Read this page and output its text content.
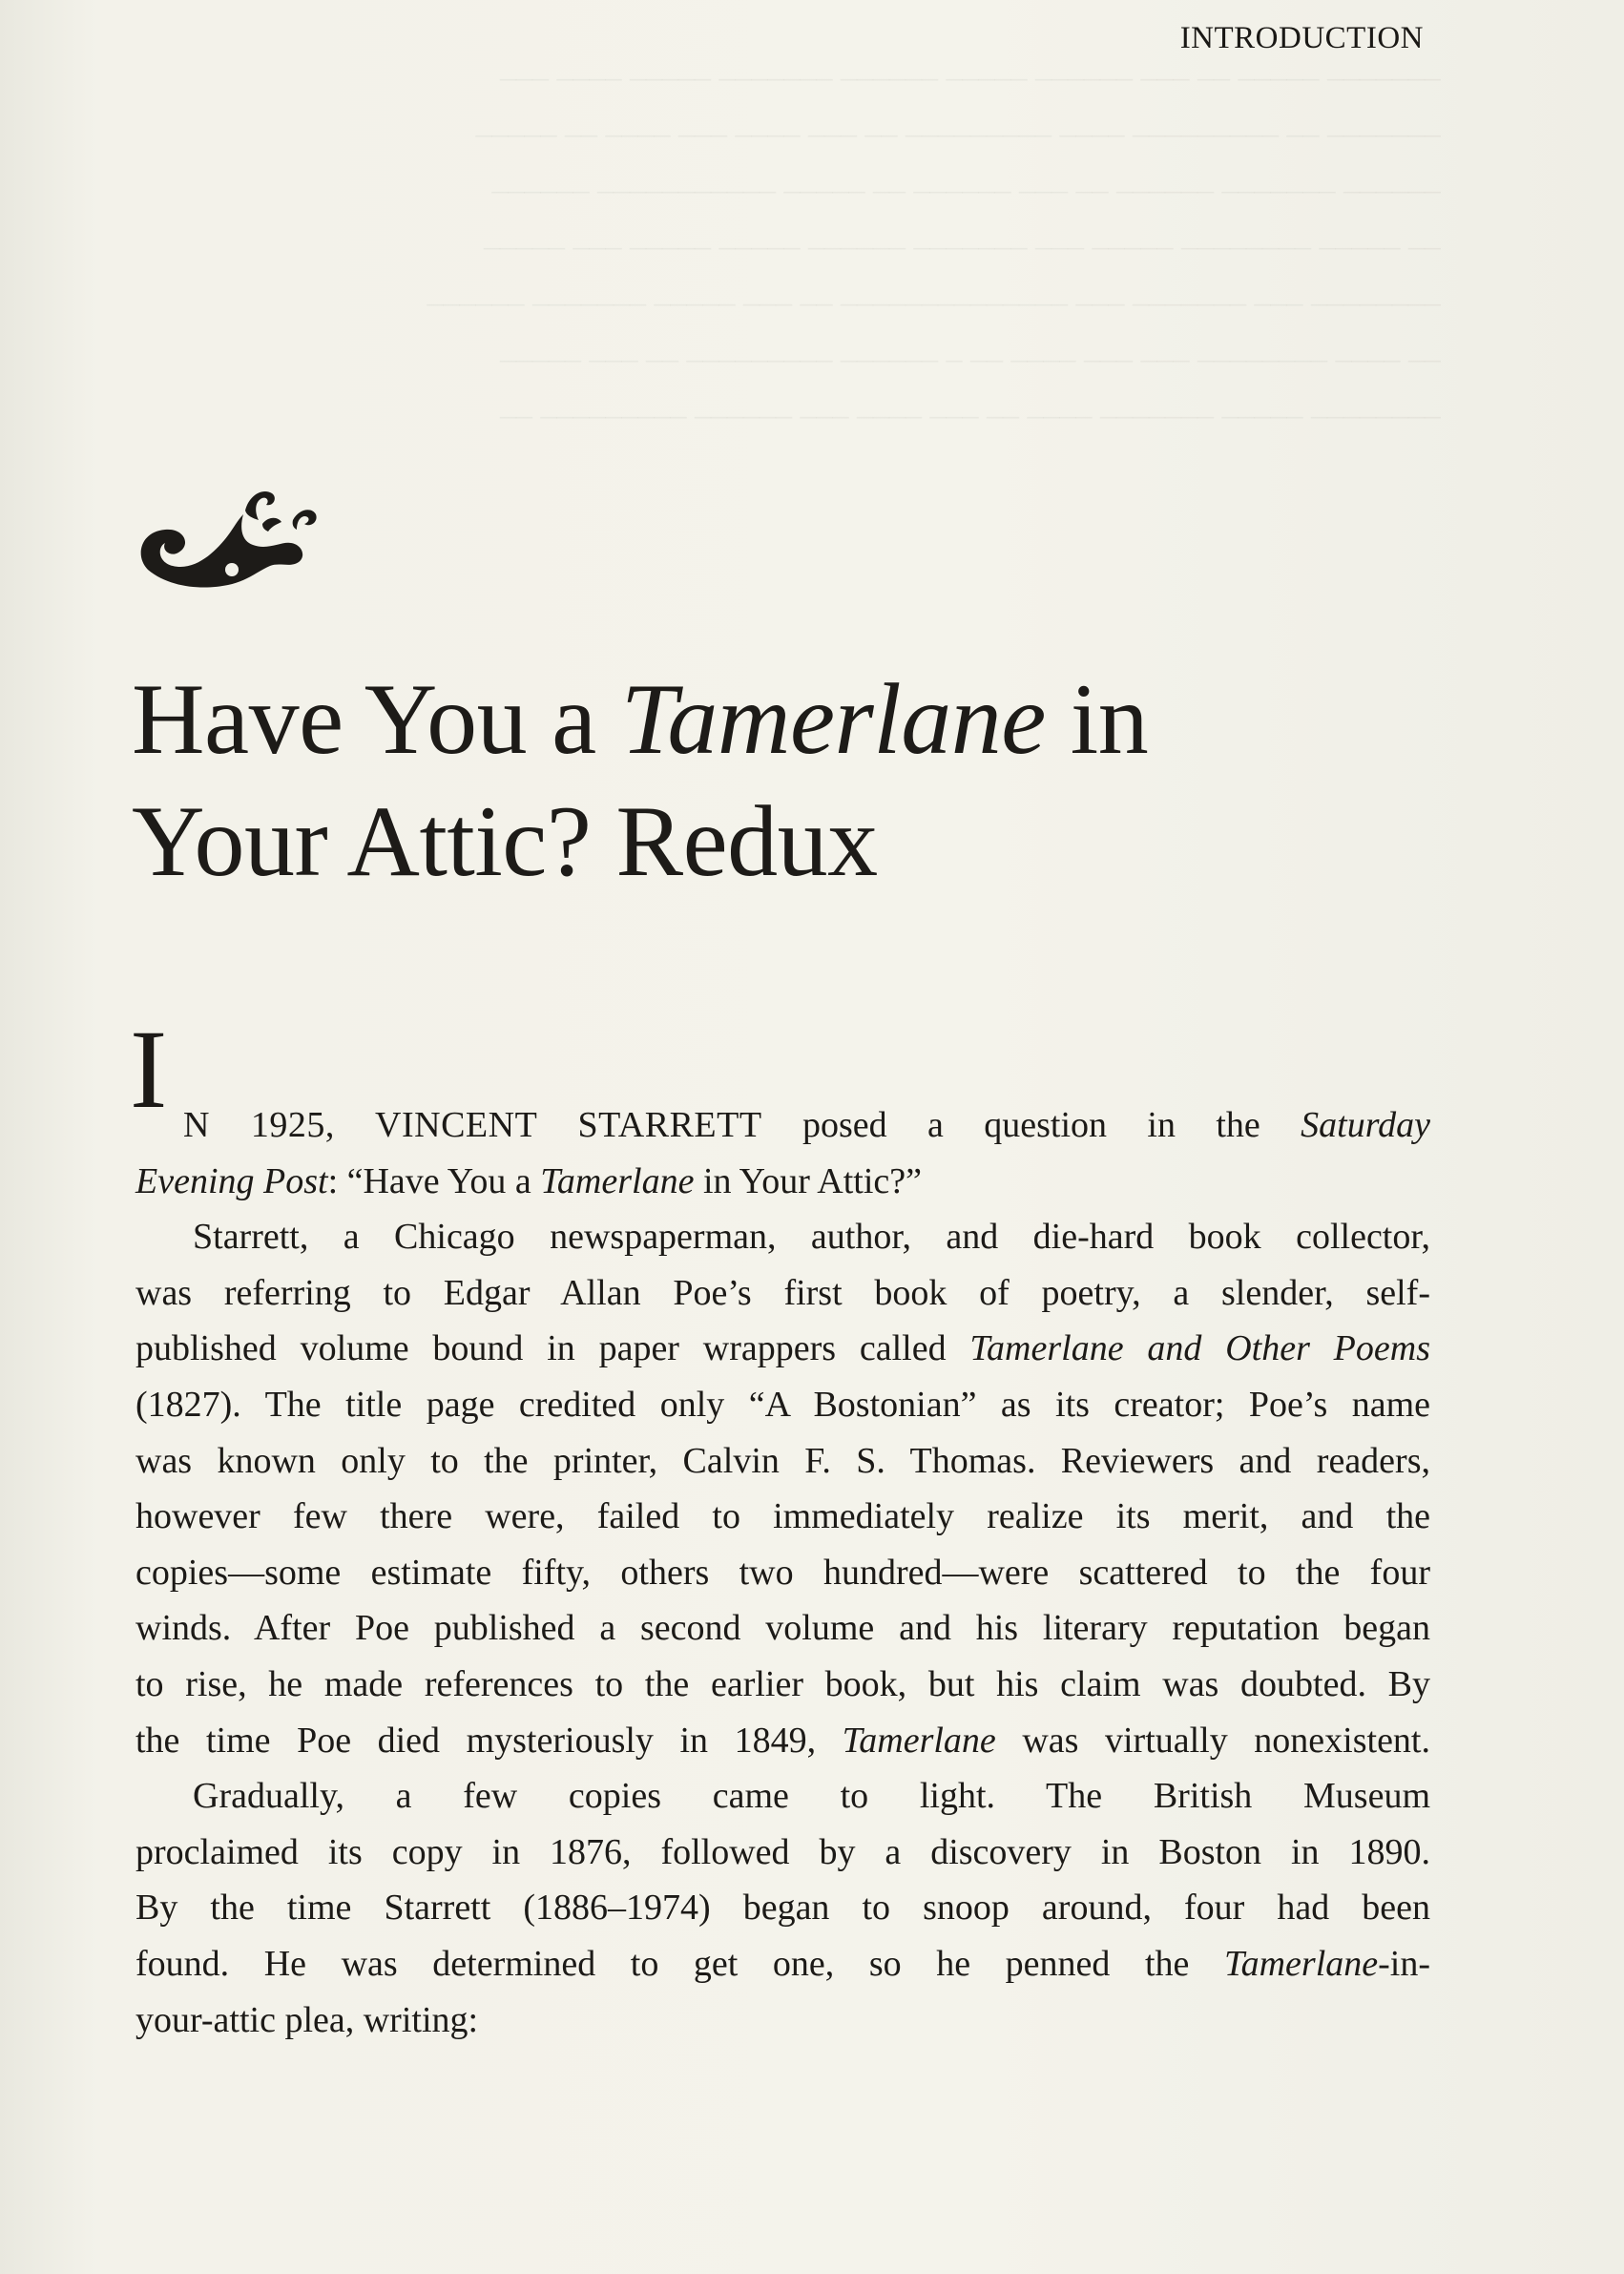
_______ _____ __ ___ ______ _____ ______ _______ _____ ____ ___
_______ __ _________ ____ _________ __ ___ ____ ___ ____ __ _____
______ _______ ______ __ ___ ______ __ _____ ___________ ______
__ _____ ________ _____ ___ _______ ______ _____ _____ ___ _____
________ ___ _______ ___ ______________ __ ___ _____ _______ ______
__ ____ ________ ___ ___ ____ __ _ ______ _________ __ ___ _____
________ _____ _______ ____ __ ___ ____ ___ ______ _________ __
INTRODUCTION
Have You a Tamerlane in
Your Attic? Redux
I N 1925, VINCENT STARRETT posed a question in the Saturday
Evening Post: “Have You a Tamerlane in Your Attic?”
Starrett, a Chicago newspaperman, author, and die-hard book collector,
was referring to Edgar Allan Poe’s first book of poetry, a slender, self-
published volume bound in paper wrappers called Tamerlane and Other Poems
(1827). The title page credited only “A Bostonian” as its creator; Poe’s name
was known only to the printer, Calvin F. S. Thomas. Reviewers and readers,
however few there were, failed to immediately realize its merit, and the
copies—some estimate fifty, others two hundred—were scattered to the four
winds. After Poe published a second volume and his literary reputation began
to rise, he made references to the earlier book, but his claim was doubted. By
the time Poe died mysteriously in 1849, Tamerlane was virtually nonexistent.
Gradually, a few copies came to light. The British Museum
proclaimed its copy in 1876, followed by a discovery in Boston in 1890.
By the time Starrett (1886–1974) began to snoop around, four had been
found. He was determined to get one, so he penned the Tamerlane-in-
your-attic plea, writing:
